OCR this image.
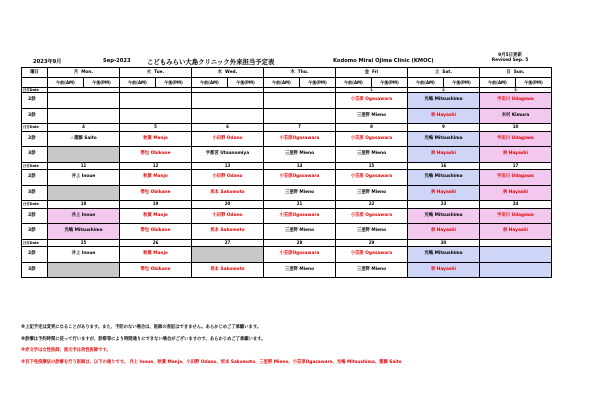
2023年9月	Sep-2023	こどもみらい大島クリニック外来担当予定表	Kodomo Mirai Ojima Clinic (KMOC)
9月5日更新
Revised Sep. 5
曜日	月 Mon.		火 Tue.		水 Wed.		木 Thu.		金 Fri		土 Sat.		日 Sun.	
	午前(AM)	午後(PM)	午前(AM)	午後(PM)	午前(AM)	午後(PM)	午前(AM)	午後(PM)	午前(AM)	午後(PM)	午前(AM)	午後(PM)	午前(AM)	午後(PM)
日付Date									1		2		3	
2診									小笠原 Ogasawara		光嶋 Mitsushima		宇田川 Udagawa	
3診									三里野 Mieno		林 Hayashi		木村 Kimura	
日付Date	4		5		6		7		8		9		10	
2診	☆齋藤 Saito		秋葉 Manjo		小田野 Odano		小笠原Ogasawara		小笠原 Ogasawara		光嶋 Mitsushima		宇田川 Udagawa	
3診			帯包 Obikane		宇都宮 Utsunomiya		三里野 Mieno		三里野 Mieno		林 Hayashi		林 Hayashi	
日付Date	11		12		13		14		15		16		17	
2診	井上 Inoue		秋葉 Manjo		小田野 Odano		小笠原Ogasawara		小笠原 Ogasawara		光嶋 Mitsushima		宇田川 Udagawa	
3診			帯包 Obikane		坂本 Sakamoto		三里野 Mieno		三里野 Mieno		林 Hayashi		林 Hayashi	
日付Date	18		19		20		21		22		23		24	
2診	井上 Inoue		秋葉 Manjo		小田野 Odano		小笠原Ogasawara		小笠原 Ogasawara		光嶋 Mitsushima		宇田川 Udagawa	
3診	光嶋 Mitsushima		帯包 Obikane		坂本 Sakamoto		三里野 Mieno		三里野 Mieno		林 Hayashi		林 Hayashi	
日付Date	25		26		27		28		29		30			
2診	井上 Inoue		秋葉 Manjo				小笠原Ogasawara		小笠原 Ogasawara		光嶋 Mitsushima			
3診			帯包 Obikane		坂本 Sakamoto		三里野 Mieno		三里野 Mieno		林 Hayashi			
※上記予定は変更になることがあります。また、予防のない場合は、医師の表記はできません。あらかじめご了承願います。
※診療は予約時間に従って行いますが、診察等により時間通りにできない場合がございますので、あらかじめご了承願います。
※赤文字は女性医師、黒文字は男性医師です。
※百下免疫療法の診療を行う医師は、以下の通りです。 井上 Inoue、秋葉 Manjo、小田野 Odano、坂本 Sakamoto、三里野 Mieno、小笠原Ogasawara、光嶋 Mitsushima、齋藤 Saito
